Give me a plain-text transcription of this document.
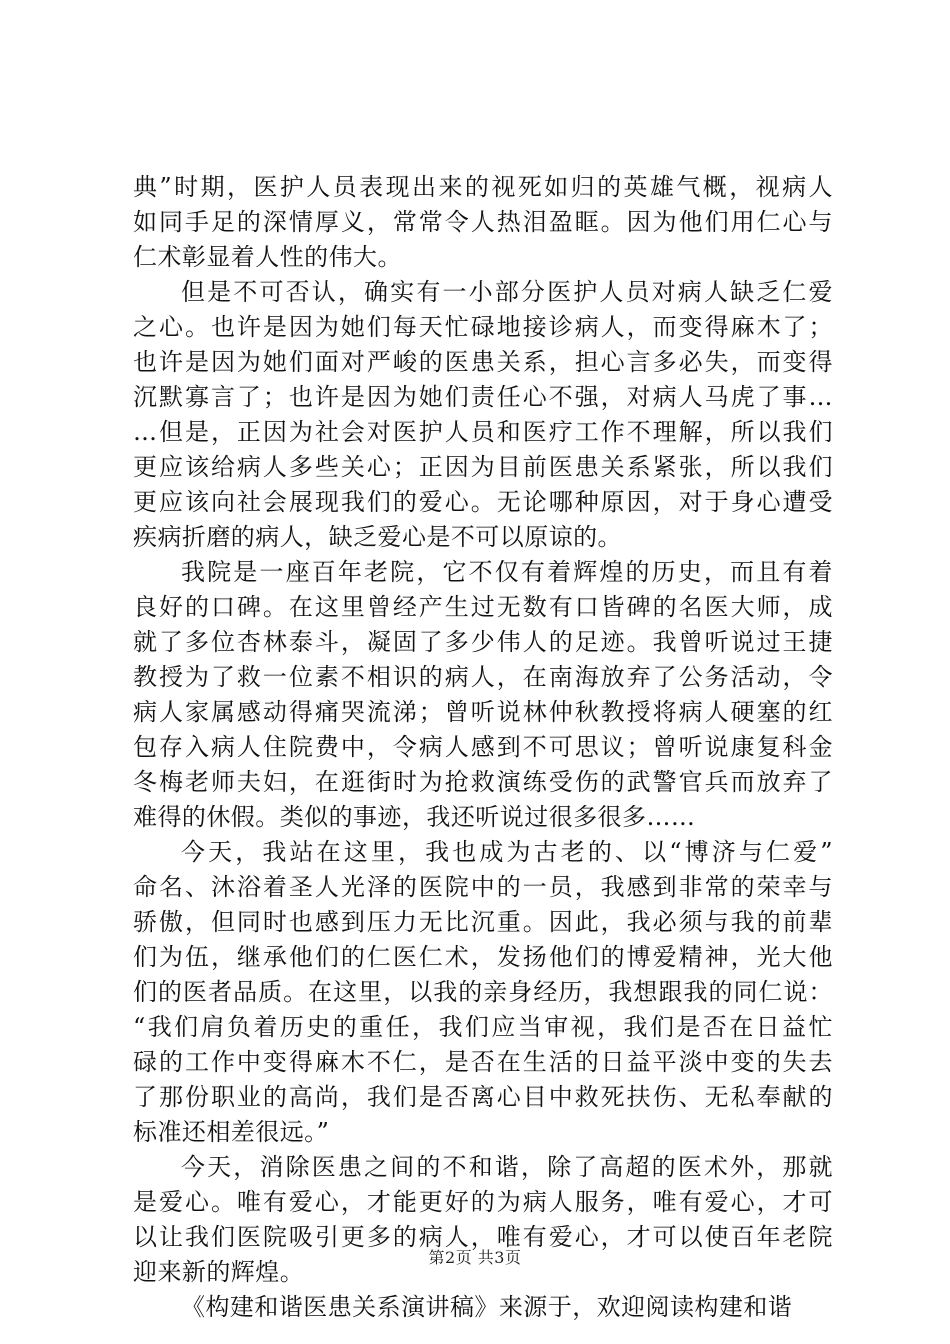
典”时期，医护人员表现出来的视死如归的英雄气概，视病人
如同手足的深情厚义，常常令人热泪盈眶。因为他们用仁心与
仁术彰显着人性的伟大。
但是不可否认，确实有一小部分医护人员对病人缺乏仁爱
之心。也许是因为她们每天忙碌地接诊病人，而变得麻木了；
也许是因为她们面对严峻的医患关系，担心言多必失，而变得
沉默寡言了；也许是因为她们责任心不强，对病人马虎了事…
…但是，正因为社会对医护人员和医疗工作不理解，所以我们
更应该给病人多些关心；正因为目前医患关系紧张，所以我们
更应该向社会展现我们的爱心。无论哪种原因，对于身心遭受
疾病折磨的病人，缺乏爱心是不可以原谅的。
我院是一座百年老院，它不仅有着辉煌的历史，而且有着
良好的口碑。在这里曾经产生过无数有口皆碑的名医大师，成
就了多位杏林泰斗，凝固了多少伟人的足迹。我曾听说过王捷
教授为了救一位素不相识的病人，在南海放弃了公务活动，令
病人家属感动得痛哭流涕；曾听说林仲秋教授将病人硬塞的红
包存入病人住院费中，令病人感到不可思议；曾听说康复科金
冬梅老师夫妇，在逛街时为抢救演练受伤的武警官兵而放弃了
难得的休假。类似的事迹，我还听说过很多很多……
今天，我站在这里，我也成为古老的、以“博济与仁爱”
命名、沐浴着圣人光泽的医院中的一员，我感到非常的荣幸与
骄傲，但同时也感到压力无比沉重。因此，我必须与我的前辈
们为伍，继承他们的仁医仁术，发扬他们的博爱精神，光大他
们的医者品质。在这里，以我的亲身经历，我想跟我的同仁说：
“我们肩负着历史的重任，我们应当审视，我们是否在日益忙
碌的工作中变得麻木不仁，是否在生活的日益平淡中变的失去
了那份职业的高尚，我们是否离心目中救死扶伤、无私奉献的
标准还相差很远。”
今天，消除医患之间的不和谐，除了高超的医术外，那就
是爱心。唯有爱心，才能更好的为病人服务，唯有爱心，才可
以让我们医院吸引更多的病人，唯有爱心，才可以使百年老院
迎来新的辉煌。
《构建和谐医患关系演讲稿》来源于，欢迎阅读构建和谐
第2页 共3页
